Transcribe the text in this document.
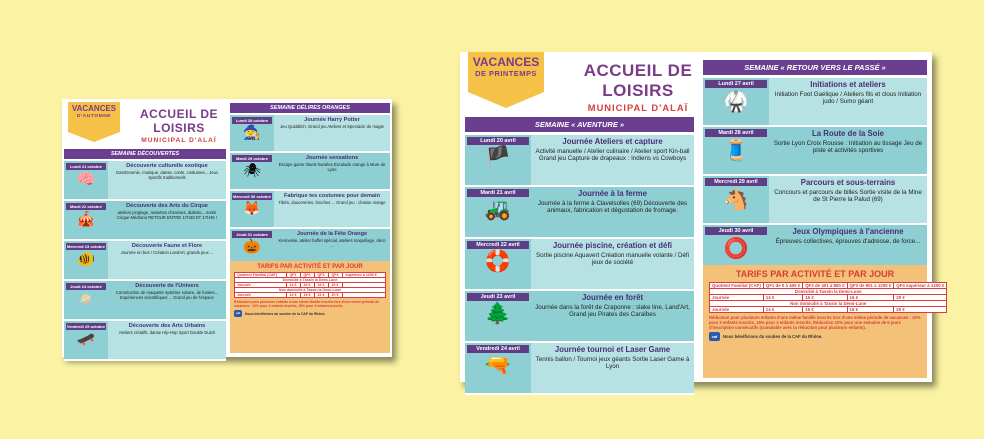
VACANCES
D'AUTOMNE	ACCUEIL DE LOISIRS
MUNICIPAL D'ALAÏ
SEMAINE DÉCOUVERTES
Lundi 21 octobre
🧠
Découverte culturelle exotique
Gastronomie, musique, danse, conte, costumes... Jeux sportifs traditionnels
Mardi 22 octobre
🎪
Découverte des Arts du Cirque
ateliers jonglage, assiettes chinoises, diabolo... sortie Cirque Médrano RETOUR ENTRE 17H30 ET 17H45 !
Mercredi 23 octobre
🐠
Découverte Faune et Flore
Journée en bus ! Création LandArt, grands jeux ...
Jeudi 24 octobre
🪐
Découverte de l'Univers
Construction de maquette système solaire, de fusées... Expériences scientifiques ... Grand jeu de l'espace
Vendredi 25 octobre
🛹
Découverte des Arts Urbains
Ateliers créatifs, danse Hip-Hop Sport Double Dutch
SEMAINE DÉLIRES ORANGES
Lundi 28 octobre
🧙
Journée Harry Potter
Jeu Quidditch, Grand jeu Ateliers et Spectacle de magie
Mardi 29 octobre
🕷
Journée sensations
Escape game rituels hantées Escalade orange à Mure de Lyon
Mercredi 30 octobre
🦊
Fabrique tes costumes pour demain
Tâtés, doucereries, broches ... Grand jeu : chasse orange
Jeudi 31 octobre
🎃
Journée de la Fête Orange
Kermesse, atelier buffet spécial, ateliers maquillage, déco ...
TARIFS PAR ACTIVITÉ ET PAR JOUR
Quotient Familial (CAF)	QF1	QF2	QF3	QF4	supérieur à 1200 €
Domicilié à Tassin la Demi-Lune					
Journée	14 €	15 €	16 €	20 €	
Non domicilié à Tassin la Demi-Lune					
Journée	14 €	15 €	16 €	20 €	
Réduction pour plusieurs enfants d'une même famille inscrits lors d'une même période de vacances : 10% pour 2 enfants inscrits, 15% pour 3 enfants inscrits.
caf	Nous bénéficions du soutien de la CAF du Rhône.
VACANCES
DE PRINTEMPS	ACCUEIL DE LOISIRS
MUNICIPAL D'ALAÏ
SEMAINE « AVENTURE »
Lundi 20 avril
🏴
Journée Ateliers et capture
Activité manuelle / Atelier culinaire / Atelier sport Kin-ball Grand jeu Capture de drapeaux : Indiens vs Cowboys
Mardi 21 avril
🚜
Journée à la ferme
Journée à la ferme à Clavelsolles (69) Découverte des animaux, fabrication et dégustation de fromage.
Mercredi 22 avril
🛟
Journée piscine, création et défi
Sortie piscine Aquavert Création manuelle volante / Défi jeux de société
Jeudi 23 avril
🌲
Journée en forêt
Journée dans la forêt de Craponne : slake line, Land'Art, Grand jeu Pirates des Caraïbes
Vendredi 24 avril
🔫
Journée tournoi et Laser Game
Tennis ballon / Tournoi jeux géants Sortie Laser Game à Lyon
SEMAINE « RETOUR VERS LE PASSÉ »
Lundi 27 avril
🥋
Initiations et ateliers
Initiation Foot Gaélique / Ateliers fils et clous Initiation judo / Sumo géant
Mardi 28 avril
🧵
La Route de la Soie
Sortie Lyon Croix Rousse : Initiation au tissage Jeu de piste et activités sportives
Mercredi 29 avril
🐴
Parcours et sous-terrains
Concours et parcours de billes Sortie visite de la Mine de St Pierre la Palud (69)
Jeudi 30 avril
⭕
Jeux Olympiques à l'ancienne
Épreuves collectives, épreuves d'adresse, de force...
TARIFS PAR ACTIVITÉ ET PAR JOUR
Quotient Familial (CAF)	QF1 de 0 à 400 €	QF2 de 401 à 800 €	QF3 de 801 à 1200 €	QF4 supérieur à 1200 €
Domicilié à Tassin la Demi-Lune				
Journée	14 €	15 €	16 €	20 €
Non domicilié à Tassin la Demi-Lune				
Journée	14 €	15 €	16 €	20 €
Réduction pour plusieurs enfants d'une même famille inscrits lors d'une même période de vacances : 10% pour 2 enfants inscrits, 15% pour 3 enfants inscrits. Réduction 10% pour une semaine de 5 jours d'inscription consécutifs (cumulable avec la réduction pour plusieurs enfants).
caf	Nous bénéficions du soutien de la CAF du Rhône.
